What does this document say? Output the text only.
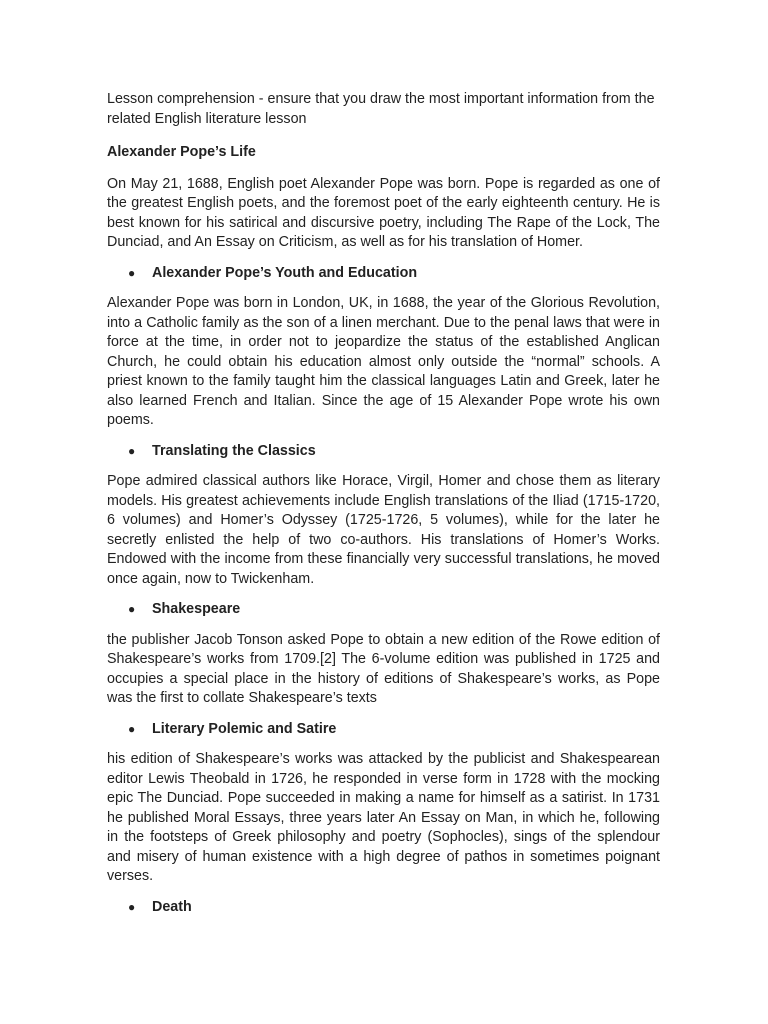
Lesson comprehension - ensure that you draw the most important information from the related English literature lesson

Alexander Pope’s Life

On May 21, 1688, English poet Alexander Pope was born. Pope is regarded as one of the greatest English poets, and the foremost poet of the early eighteenth century. He is best known for his satirical and discursive poetry, including The Rape of the Lock, The Dunciad, and An Essay on Criticism, as well as for his translation of Homer.

● Alexander Pope’s Youth and Education

Alexander Pope was born in London, UK, in 1688, the year of the Glorious Revolution, into a Catholic family as the son of a linen merchant. Due to the penal laws that were in force at the time, in order not to jeopardize the status of the established Anglican Church, he could obtain his education almost only outside the “normal” schools. A priest known to the family taught him the classical languages Latin and Greek, later he also learned French and Italian. Since the age of 15 Alexander Pope wrote his own poems.

● Translating the Classics

Pope admired classical authors like Horace, Virgil, Homer and chose them as literary models. His greatest achievements include English translations of the Iliad (1715-1720, 6 volumes) and Homer’s Odyssey (1725-1726, 5 volumes), while for the later he secretly enlisted the help of two co-authors. His translations of Homer’s Works. Endowed with the income from these financially very successful translations, he moved once again, now to Twickenham.

● Shakespeare

the publisher Jacob Tonson asked Pope to obtain a new edition of the Rowe edition of Shakespeare’s works from 1709.[2] The 6-volume edition was published in 1725 and occupies a special place in the history of editions of Shakespeare’s works, as Pope was the first to collate Shakespeare’s texts

● Literary Polemic and Satire

his edition of Shakespeare’s works was attacked by the publicist and Shakespearean editor Lewis Theobald in 1726, he responded in verse form in 1728 with the mocking epic The Dunciad. Pope succeeded in making a name for himself as a satirist. In 1731 he published Moral Essays, three years later An Essay on Man, in which he, following in the footsteps of Greek philosophy and poetry (Sophocles), sings of the splendour and misery of human existence with a high degree of pathos in sometimes poignant verses.

● Death
